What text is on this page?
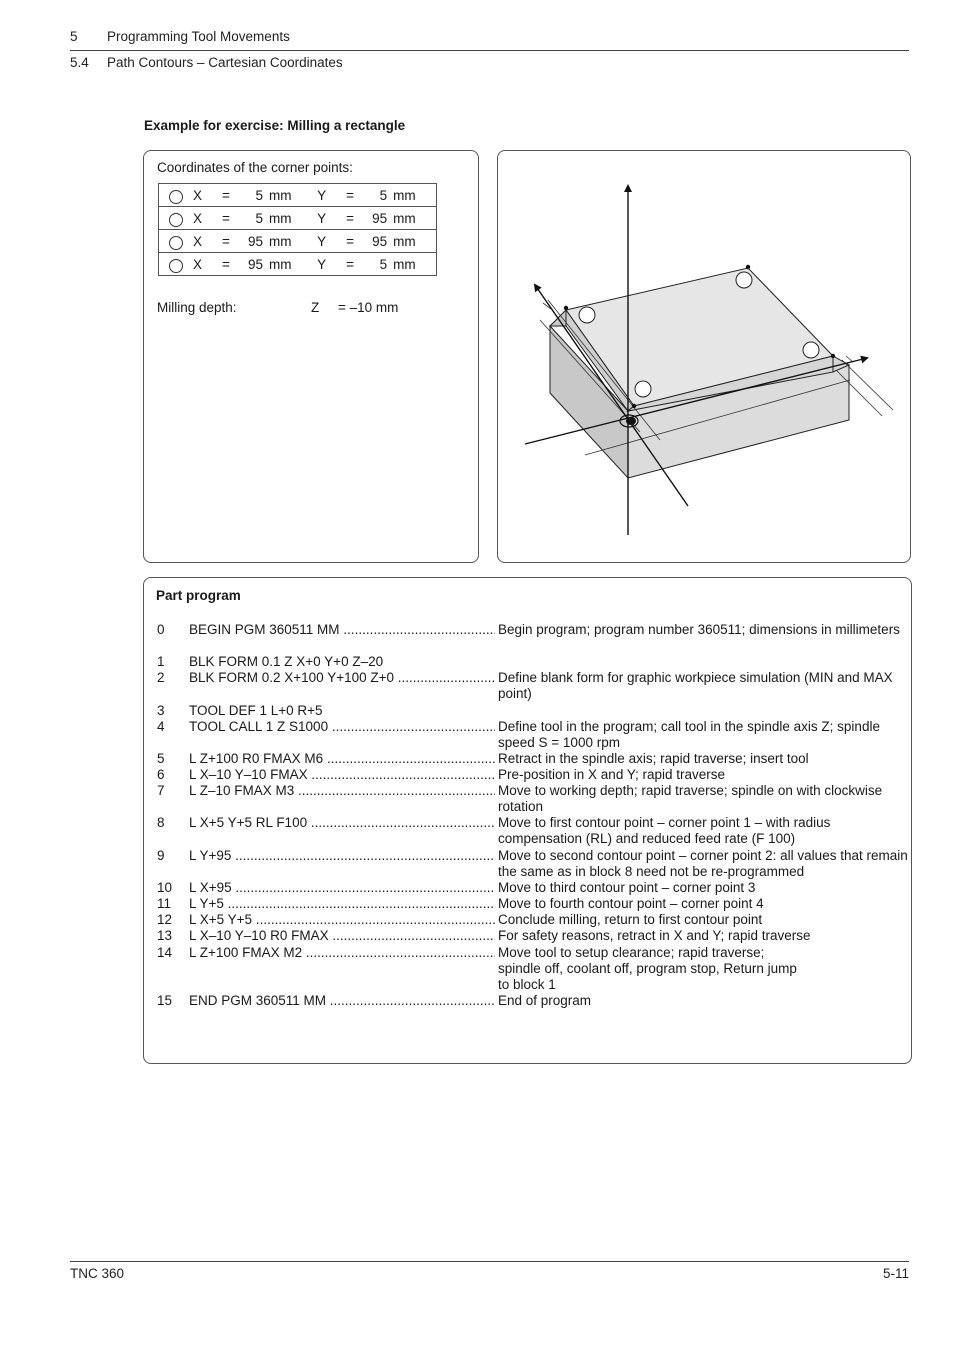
5 Programming Tool Movements
5.4 Path Contours – Cartesian Coordinates
Example for exercise: Milling a rectangle
Coordinates of the corner points:
	X = 5 mm	Y = 5 mm
	X = 5 mm	Y = 95 mm
	X = 95 mm	Y = 95 mm
	X = 95 mm	Y = 5 mm
Milling depth:	Z = –10 mm
Part program
0	BEGIN PGM 360511 MM .....	Begin program; program number 360511; dimensions in millimeters
1	BLK FORM 0.1 Z X+0 Y+0 Z–20
2	BLK FORM 0.2 X+100 Y+100 Z+0 .....	Define blank form for graphic workpiece simulation (MIN and MAX point)
3	TOOL DEF 1 L+0 R+5
4	TOOL CALL 1 Z S1000 .....	Define tool in the program; call tool in the spindle axis Z; spindle speed S = 1000 rpm
5	L Z+100 R0 FMAX M6 .....	Retract in the spindle axis; rapid traverse; insert tool
6	L X–10 Y–10 FMAX .....	Pre-position in X and Y; rapid traverse
7	L Z–10 FMAX M3 .....	Move to working depth; rapid traverse; spindle on with clockwise rotation
8	L X+5 Y+5 RL F100 .....	Move to first contour point – corner point 1 – with radius compensation (RL) and reduced feed rate (F 100)
9	L Y+95 .....	Move to second contour point – corner point 2: all values that remain the same as in block 8 need not be re-programmed
10	L X+95 .....	Move to third contour point – corner point 3
11	L Y+5 .....	Move to fourth contour point – corner point 4
12	L X+5 Y+5 .....	Conclude milling, return to first contour point
13	L X–10 Y–10 R0 FMAX .....	For safety reasons, retract in X and Y; rapid traverse
14	L Z+100 FMAX M2 .....	Move tool to setup clearance; rapid traverse; spindle off, coolant off, program stop, Return jump to block 1
15	END PGM 360511 MM .....	End of program
TNC 360	5-11
